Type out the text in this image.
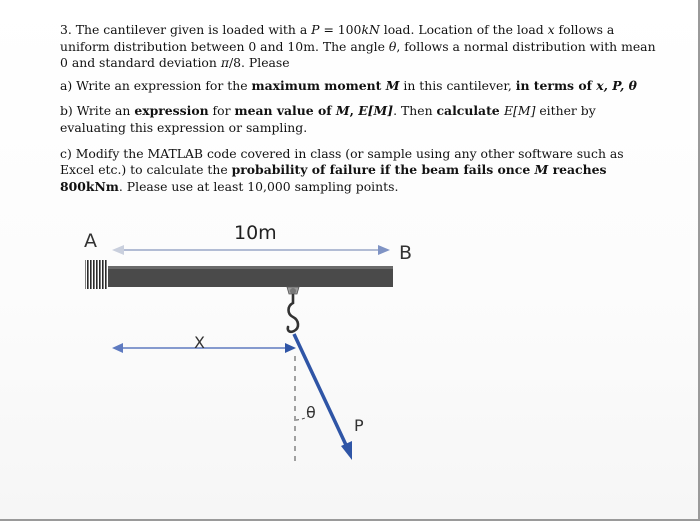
3. The cantilever given is loaded with a P = 100kN load. Location of the load x follows a uniform distribution between 0 and 10m. The angle θ, follows a normal distribution with mean 0 and standard deviation π/8. Please

a) Write an expression for the maximum moment M in this cantilever, in terms of x, P, θ

b) Write an expression for mean value of M, E[M]. Then calculate E[M] either by evaluating this expression or sampling.

c) Modify the MATLAB code covered in class (or sample using any other software such as Excel etc.) to calculate the probability of failure if the beam fails once M reaches 800kNm. Please use at least 10,000 sampling points.

A
B
10m
X
θ
P
